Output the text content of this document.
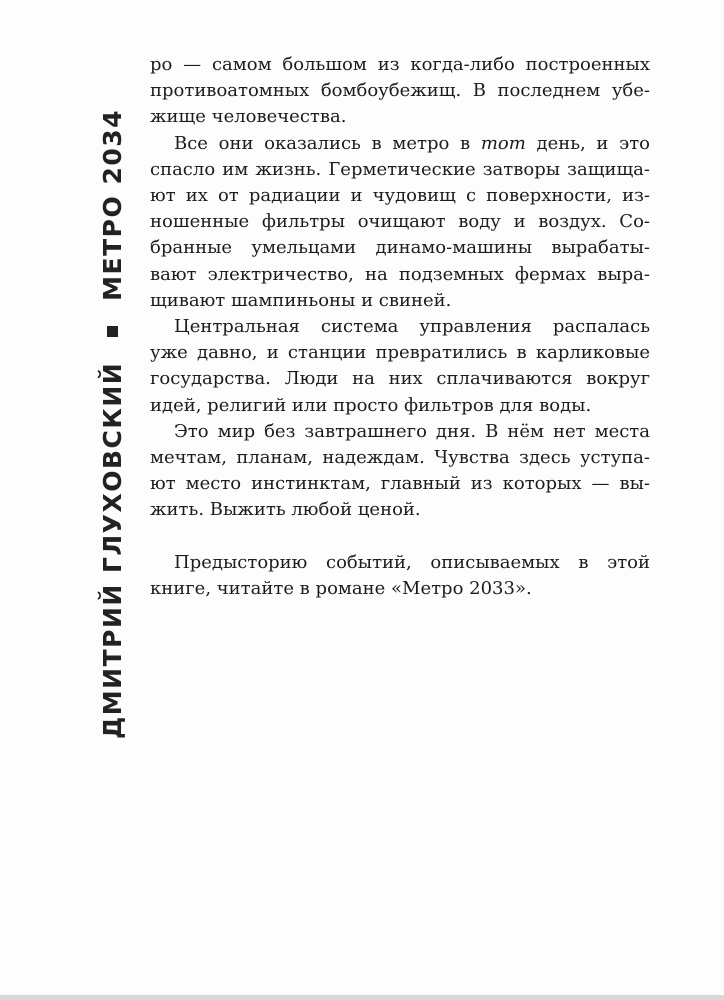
ДМИТРИЙ ГЛУХОВСКИЙ
МЕТРО 2034
ро — самом большом из когда-либо построенных
противоатомных бомбоубежищ. В последнем убе-
жище человечества.
Все они оказались в метро в тот день, и это
спасло им жизнь. Герметические затворы защища-
ют их от радиации и чудовищ с поверхности, из-
ношенные фильтры очищают воду и воздух. Со-
бранные умельцами динамо-машины вырабаты-
вают электричество, на подземных фермах выра-
щивают шампиньоны и свиней.
Центральная система управления распалась
уже давно, и станции превратились в карликовые
государства. Люди на них сплачиваются вокруг
идей, религий или просто фильтров для воды.
Это мир без завтрашнего дня. В нём нет места
мечтам, планам, надеждам. Чувства здесь уступа-
ют место инстинктам, главный из которых — вы-
жить. Выжить любой ценой.
Предысторию событий, описываемых в этой
книге, читайте в романе «Метро 2033».
